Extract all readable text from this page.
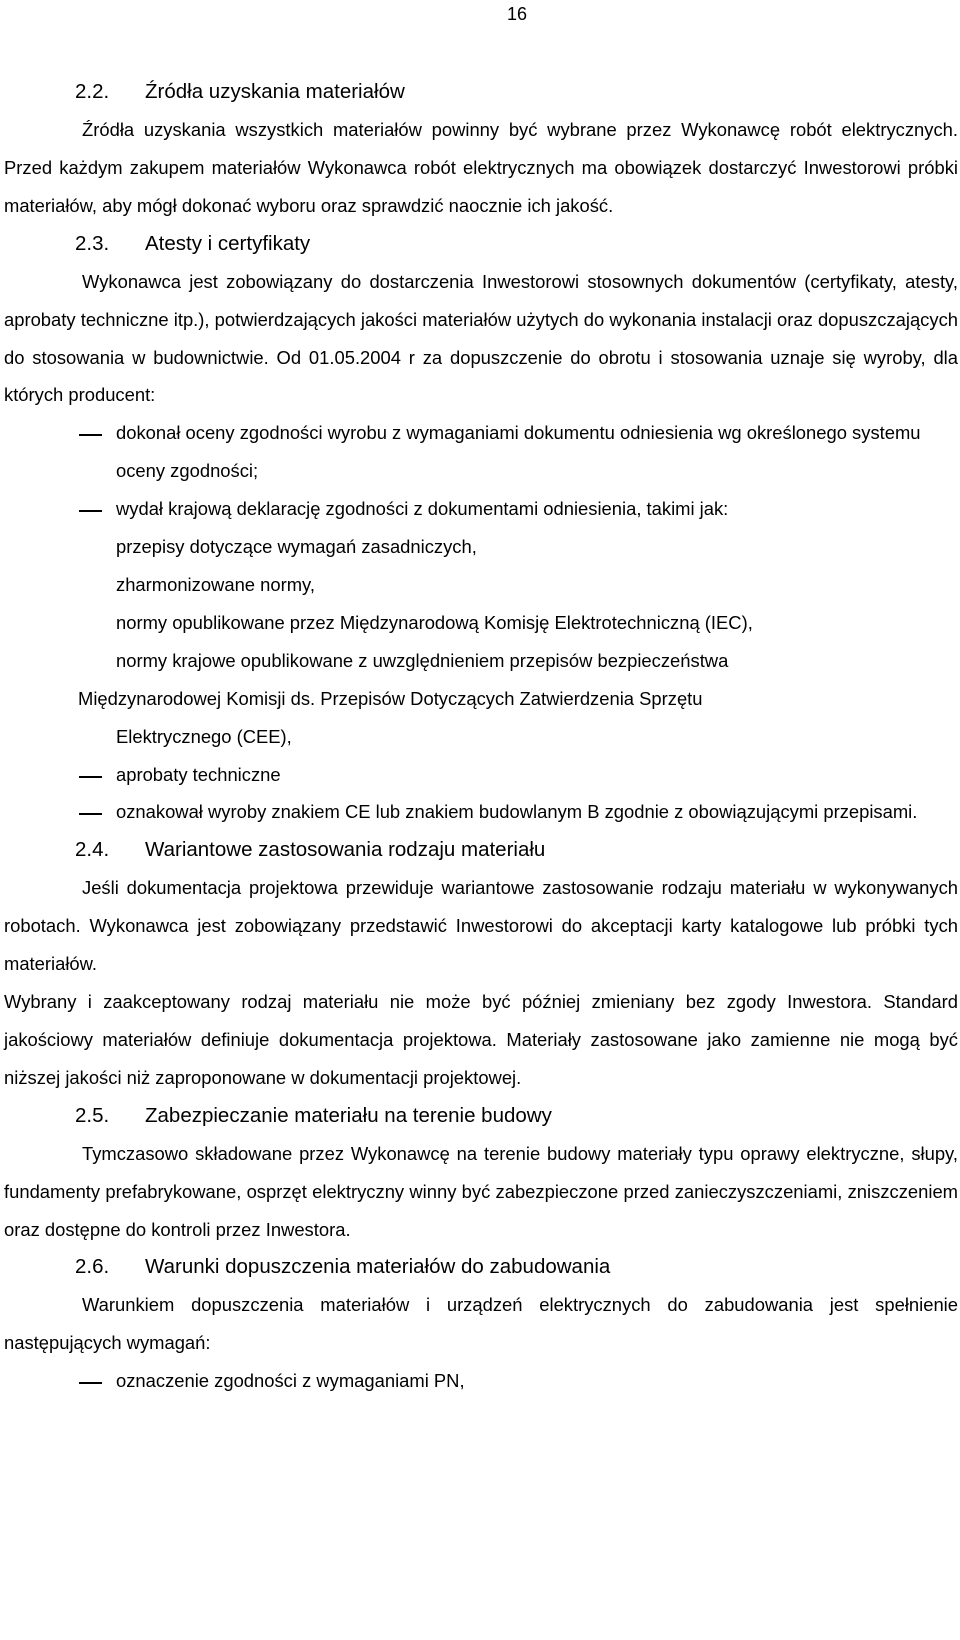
16
2.2.	Źródła uzyskania materiałów

Źródła uzyskania wszystkich materiałów powinny być wybrane przez Wykonawcę robót elektrycznych. Przed każdym zakupem materiałów Wykonawca robót elektrycznych ma obowiązek dostarczyć Inwestorowi próbki materiałów, aby mógł dokonać wyboru oraz sprawdzić naocznie ich jakość.

2.3.	Atesty i certyfikaty

Wykonawca jest zobowiązany do dostarczenia Inwestorowi stosownych dokumentów (certyfikaty, atesty, aprobaty techniczne itp.), potwierdzających jakości materiałów użytych do wykonania instalacji oraz dopuszczających do stosowania w budownictwie. Od 01.05.2004 r za dopuszczenie do obrotu i stosowania uznaje się wyroby, dla których producent:

dokonał oceny zgodności wyrobu z wymaganiami dokumentu odniesienia wg określonego systemu oceny zgodności;
wydał krajową deklarację zgodności z dokumentami odniesienia, takimi jak:
przepisy dotyczące wymagań zasadniczych,
zharmonizowane normy,
normy opublikowane przez Międzynarodową Komisję Elektrotechniczną (IEC),
normy krajowe opublikowane z uwzględnieniem przepisów bezpieczeństwa
Międzynarodowej Komisji ds. Przepisów Dotyczących Zatwierdzenia Sprzętu
Elektrycznego (CEE),
aprobaty techniczne
oznakował wyroby znakiem CE lub znakiem budowlanym B zgodnie z obowiązującymi przepisami.
2.4.	Wariantowe zastosowania rodzaju materiału

Jeśli dokumentacja projektowa przewiduje wariantowe zastosowanie rodzaju materiału w wykonywanych robotach. Wykonawca jest zobowiązany przedstawić Inwestorowi do akceptacji karty katalogowe lub próbki tych materiałów.

Wybrany i zaakceptowany rodzaj materiału nie może być później zmieniany bez zgody Inwestora. Standard jakościowy materiałów definiuje dokumentacja projektowa. Materiały zastosowane jako zamienne nie mogą być niższej jakości niż zaproponowane w dokumentacji projektowej.

2.5.	Zabezpieczanie materiału na terenie budowy

Tymczasowo składowane przez Wykonawcę na terenie budowy materiały typu oprawy elektryczne, słupy, fundamenty prefabrykowane, osprzęt elektryczny winny być zabezpieczone przed zanieczyszczeniami, zniszczeniem oraz dostępne do kontroli przez Inwestora.

2.6.	Warunki dopuszczenia materiałów do zabudowania

Warunkiem dopuszczenia materiałów i urządzeń elektrycznych do zabudowania jest spełnienie następujących wymagań:

oznaczenie zgodności z wymaganiami PN,
